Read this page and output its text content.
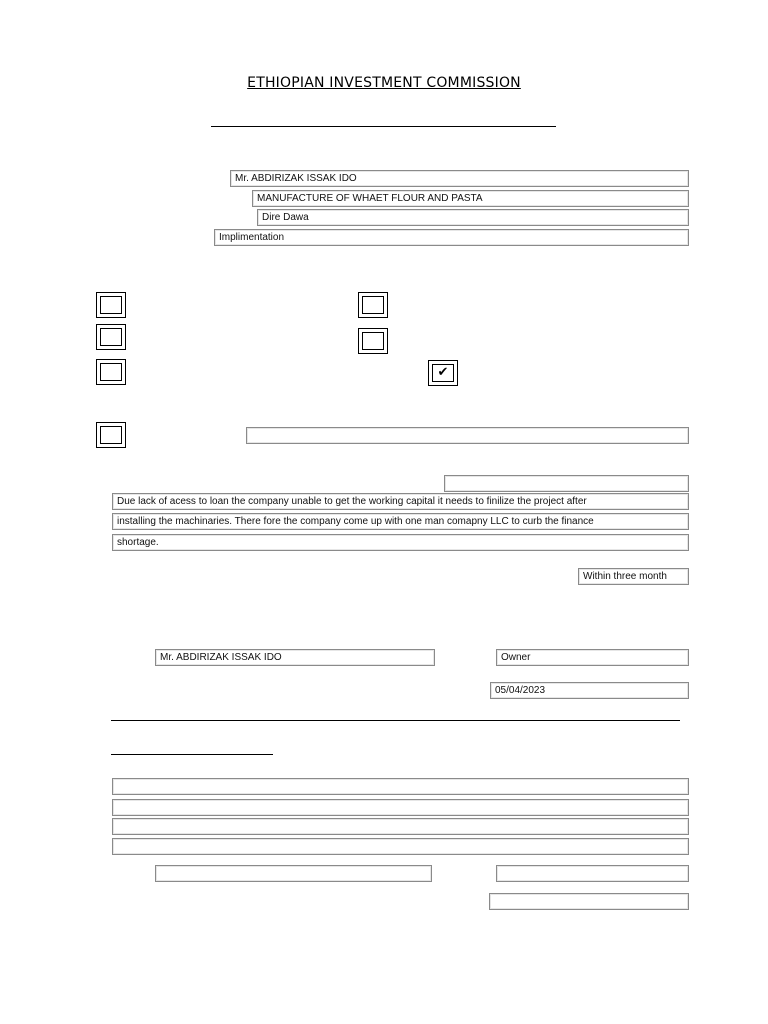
ETHIOPIAN INVESTMENT COMMISSION
Mr. ABDIRIZAK ISSAK IDO
MANUFACTURE OF WHAET FLOUR AND PASTA
Dire Dawa
Implimentation
✔
Due lack of acess to loan the company unable to get the working capital it needs to finilize the project after
installing the machinaries. There fore the company come up with one man comapny LLC to curb the finance
shortage.
Within three month
Mr. ABDIRIZAK ISSAK IDO	Owner
05/04/2023
